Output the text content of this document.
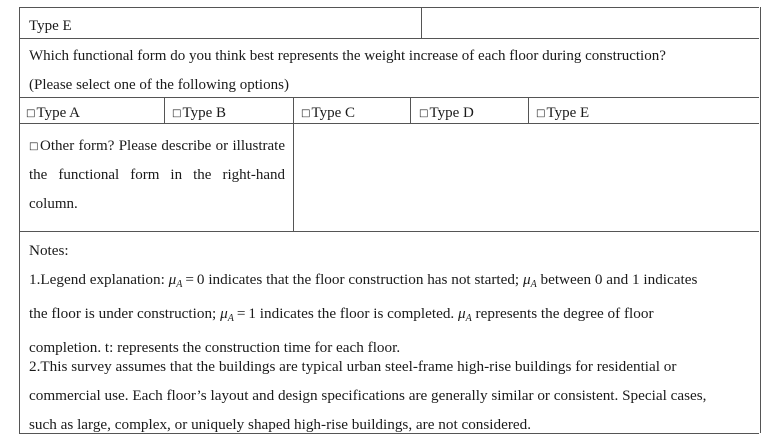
Type E
Which functional form do you think best represents the weight increase of each floor during construction?
(Please select one of the following options)
□Type A	□Type B	□Type C	□Type D	□Type E
□Other form? Please describe or illustrate the functional form in the right-hand column.
Notes:
1.Legend explanation: $\mu_A = 0$ indicates that the floor construction has not started; $\mu_A$ between 0 and 1 indicates
the floor is under construction; $\mu_A = 1$ indicates the floor is completed. $\mu_A$ represents the degree of floor
completion. t: represents the construction time for each floor.
2.This survey assumes that the buildings are typical urban steel-frame high-rise buildings for residential or
commercial use. Each floor’s layout and design specifications are generally similar or consistent. Special cases,
such as large, complex, or uniquely shaped high-rise buildings, are not considered.
